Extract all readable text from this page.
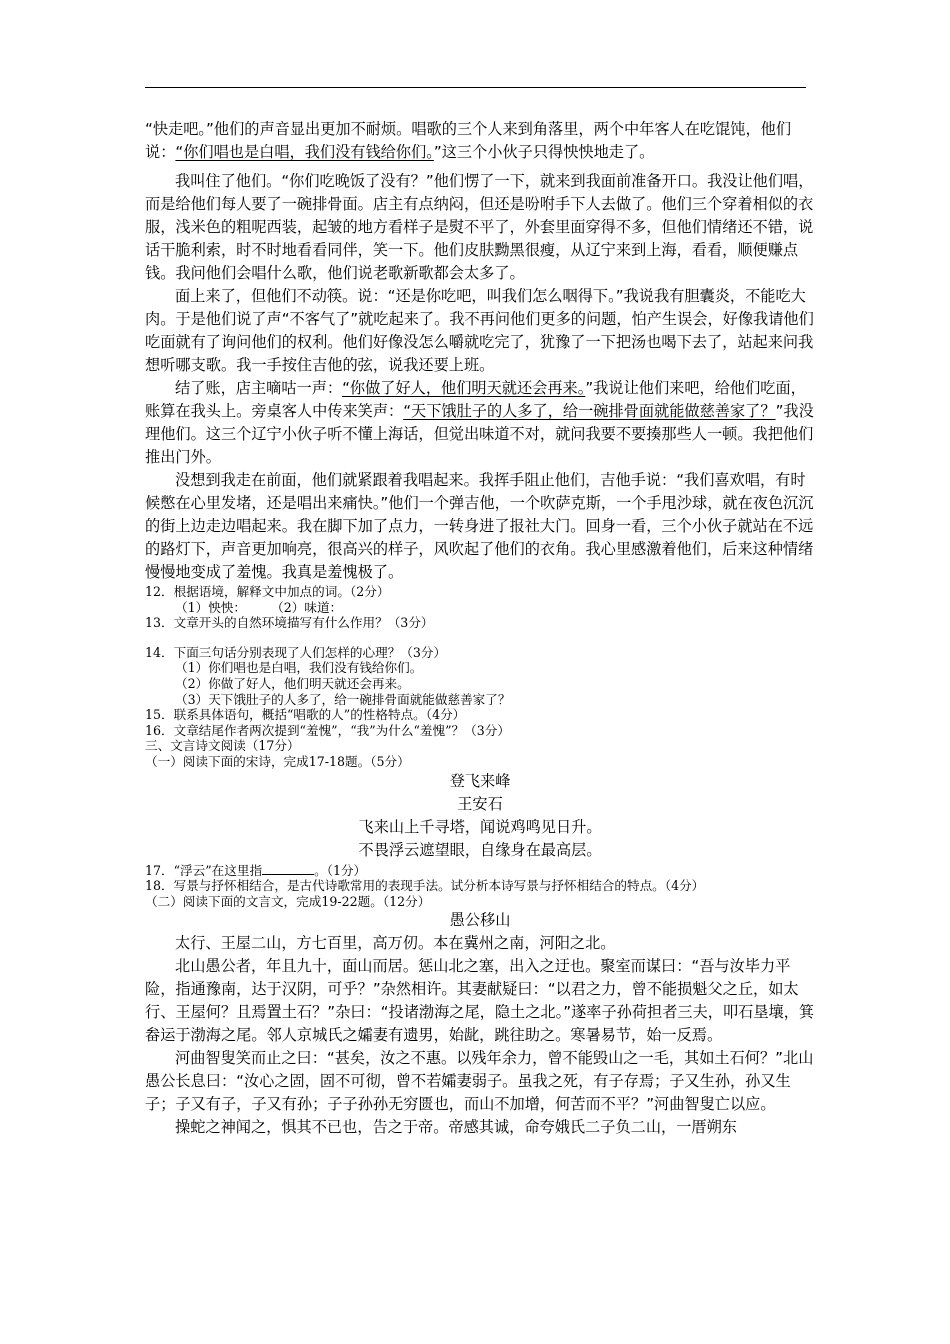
“快走吧。”他们的声音显出更加不耐烦。唱歌的三个人来到角落里，两个中年客人在吃馄饨，他们说：“你们唱也是白唱，我们没有钱给你们。”这三个小伙子只得怏怏地走了。

我叫住了他们。“你们吃晚饭了没有？”他们愣了一下，就来到我面前准备开口。我没让他们唱，而是给他们每人要了一碗排骨面。店主有点纳闷，但还是吩咐手下人去做了。他们三个穿着相似的衣服，浅米色的粗呢西装，起皱的地方看样子是熨不平了，外套里面穿得不多，但他们情绪还不错，说话干脆利索，时不时地看看同伴，笑一下。他们皮肤黝黑很瘦，从辽宁来到上海，看看，顺便赚点钱。我问他们会唱什么歌，他们说老歌新歌都会太多了。

面上来了，但他们不动筷。说：“还是你吃吧，叫我们怎么咽得下。”我说我有胆囊炎，不能吃大肉。于是他们说了声“不客气了”就吃起来了。我不再问他们更多的问题，怕产生误会，好像我请他们吃面就有了询问他们的权利。他们好像没怎么嚼就吃完了，犹豫了一下把汤也喝下去了，站起来问我想听哪支歌。我一手按住吉他的弦，说我还要上班。

结了账，店主嘀咕一声：“你做了好人，他们明天就还会再来。”我说让他们来吧，给他们吃面，账算在我头上。旁桌客人中传来笑声：“天下饿肚子的人多了，给一碗排骨面就能做慈善家了？”我没理他们。这三个辽宁小伙子听不懂上海话，但觉出味道不对，就问我要不要揍那些人一顿。我把他们推出门外。

没想到我走在前面，他们就紧跟着我唱起来。我挥手阻止他们，吉他手说：“我们喜欢唱，有时候憋在心里发堵，还是唱出来痛快。”他们一个弹吉他，一个吹萨克斯，一个手甩沙球，就在夜色沉沉的街上边走边唱起来。我在脚下加了点力，一转身进了报社大门。回身一看，三个小伙子就站在不远的路灯下，声音更加响亮，很高兴的样子，风吹起了他们的衣角。我心里感激着他们，后来这种情绪慢慢地变成了羞愧。我真是羞愧极了。

12．根据语境，解释文中加点的词。（2分）

（1）怏怏：　　　（2）味道：

13．文章开头的自然环境描写有什么作用？（3分）

14．下面三句话分别表现了人们怎样的心理？（3分）

（1）你们唱也是白唱，我们没有钱给你们。

（2）你做了好人，他们明天就还会再来。

（3）天下饿肚子的人多了，给一碗排骨面就能做慈善家了？

15．联系具体语句，概括“唱歌的人”的性格特点。（4分）

16．文章结尾作者两次提到“羞愧”，“我”为什么“羞愧”？（3分）

三、文言诗文阅读（17分）

（一）阅读下面的宋诗，完成17-18题。（5分）

登飞来峰

王安石

飞来山上千寻塔，闻说鸡鸣见日升。

不畏浮云遮望眼，自缘身在最高层。

17．“浮云”在这里指	。（1分）

18．写景与抒怀相结合，是古代诗歌常用的表现手法。试分析本诗写景与抒怀相结合的特点。（4分）

（二）阅读下面的文言文，完成19-22题。（12分）

愚公移山

太行、王屋二山，方七百里，高万仞。本在冀州之南，河阳之北。

北山愚公者，年且九十，面山而居。惩山北之塞，出入之迂也。聚室而谋曰：“吾与汝毕力平险，指通豫南，达于汉阴，可乎？”杂然相许。其妻献疑曰：“以君之力，曾不能损魁父之丘，如太行、王屋何？且焉置土石？”杂曰：“投诸渤海之尾，隐土之北。”遂率子孙荷担者三夫，叩石垦壤，箕畚运于渤海之尾。邻人京城氏之孀妻有遗男，始龀，跳往助之。寒暑易节，始一反焉。

河曲智叟笑而止之曰：“甚矣，汝之不惠。以残年余力，曾不能毁山之一毛，其如土石何？”北山愚公长息曰：“汝心之固，固不可彻，曾不若孀妻弱子。虽我之死，有子存焉；子又生孙，孙又生子；子又有子，子又有孙；子子孙孙无穷匮也，而山不加增，何苦而不平？”河曲智叟亡以应。

操蛇之神闻之，惧其不已也，告之于帝。帝感其诚，命夸娥氏二子负二山，一厝朔东
